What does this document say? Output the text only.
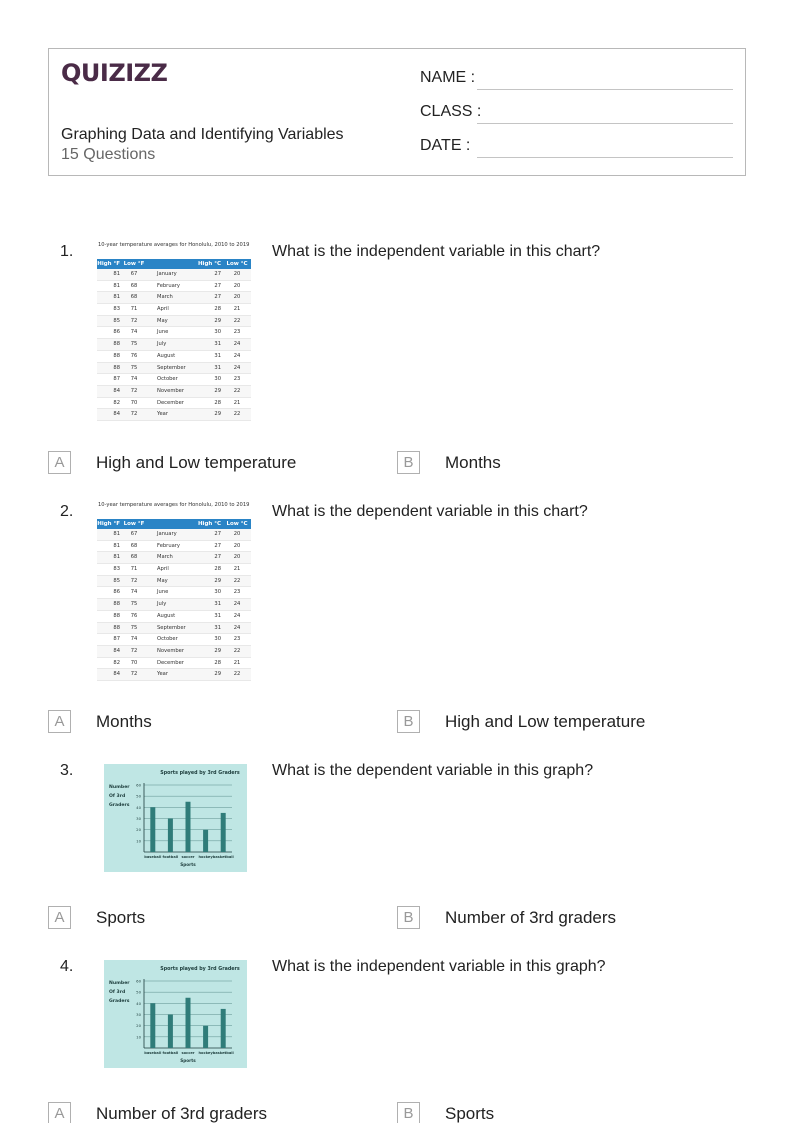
QUIZIZZ
Graphing Data and Identifying Variables
15 Questions
NAME :
CLASS :
DATE :
1.	10-year temperature averages for Honolulu, 2010 to 2019
High °F Low °F	High °C Low °C
81	67	January	27	20
81	68	February	27	20
81	68	March	27	20
83	71	April	28	21
85	72	May	29	22
86	74	June	30	23
88	75	July	31	24
88	76	August	31	24
88	75	September	31	24
87	74	October	30	23
84	72	November	29	22
82	70	December	28	21
84	72	Year	29	22
What is the independent variable in this chart?
A	High and Low temperature	B	Months
2.	10-year temperature averages for Honolulu, 2010 to 2019
High °F Low °F	High °C Low °C
81	67	January	27	20
81	68	February	27	20
81	68	March	27	20
83	71	April	28	21
85	72	May	29	22
86	74	June	30	23
88	75	July	31	24
88	76	August	31	24
88	75	September	31	24
87	74	October	30	23
84	72	November	29	22
82	70	December	28	21
84	72	Year	29	22
What is the dependent variable in this chart?
A	Months	B	High and Low temperature
3.	Sports played by 3rd Graders
Number
Of 3rd
Graders
10
20
30
40
50
60
baseball football soccer hockey basketball
Sports
What is the dependent variable in this graph?
A	Sports	B	Number of 3rd graders
4.	Sports played by 3rd Graders
Number
Of 3rd
Graders
10
20
30
40
50
60
baseball football soccer hockey basketball
Sports
What is the independent variable in this graph?
A	Number of 3rd graders	B	Sports
